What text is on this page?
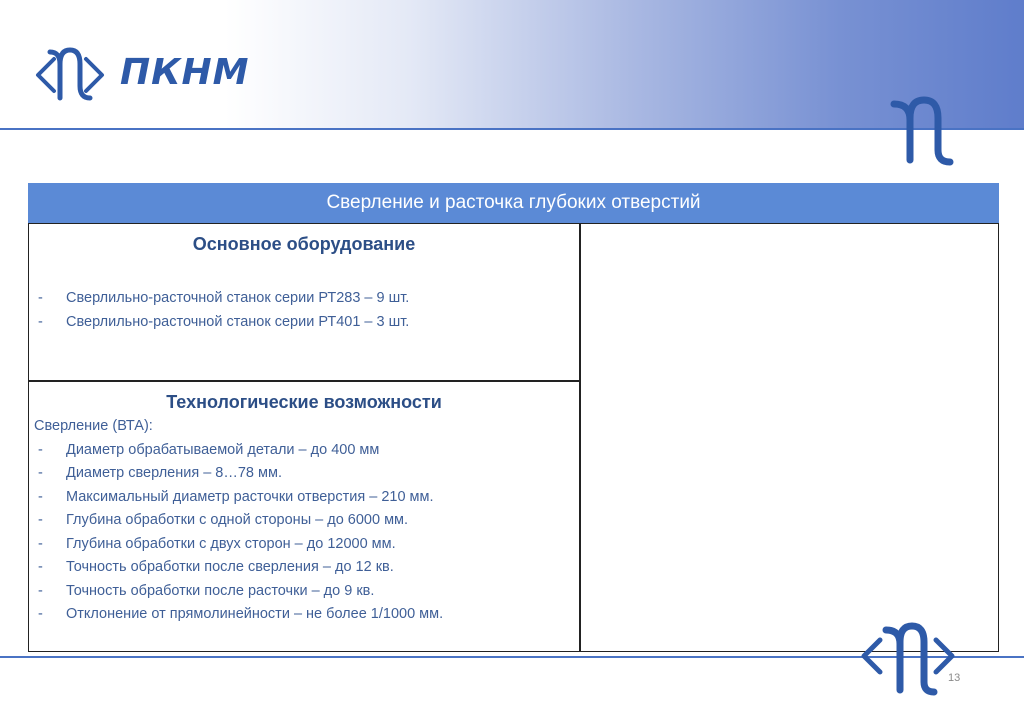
ПКНМ
Сверление и расточка глубоких отверстий
Основное оборудование
- Сверлильно-расточной станок серии РТ283 – 9 шт.
- Сверлильно-расточной станок серии РТ401 – 3 шт.
Технологические возможности
Сверление (ВТА):
- Диаметр обрабатываемой детали – до 400 мм
- Диаметр сверления – 8…78 мм.
- Максимальный диаметр расточки отверстия – 210 мм.
- Глубина обработки с одной стороны – до 6000 мм.
- Глубина обработки с двух сторон – до 12000 мм.
- Точность обработки после сверления – до 12 кв.
- Точность обработки после расточки – до 9 кв.
- Отклонение от прямолинейности – не более 1/1000 мм.
13
